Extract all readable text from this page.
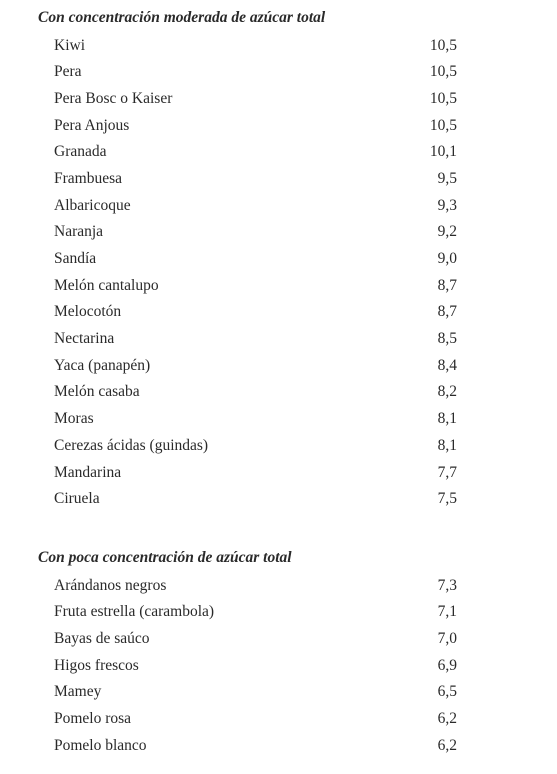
Con concentración moderada de azúcar total
Kiwi	10,5
Pera	10,5
Pera Bosc o Kaiser	10,5
Pera Anjous	10,5
Granada	10,1
Frambuesa	9,5
Albaricoque	9,3
Naranja	9,2
Sandía	9,0
Melón cantalupo	8,7
Melocotón	8,7
Nectarina	8,5
Yaca (panapén)	8,4
Melón casaba	8,2
Moras	8,1
Cerezas ácidas (guindas)	8,1
Mandarina	7,7
Ciruela	7,5
Con poca concentración de azúcar total
Arándanos negros	7,3
Fruta estrella (carambola)	7,1
Bayas de saúco	7,0
Higos frescos	6,9
Mamey	6,5
Pomelo rosa	6,2
Pomelo blanco	6,2
